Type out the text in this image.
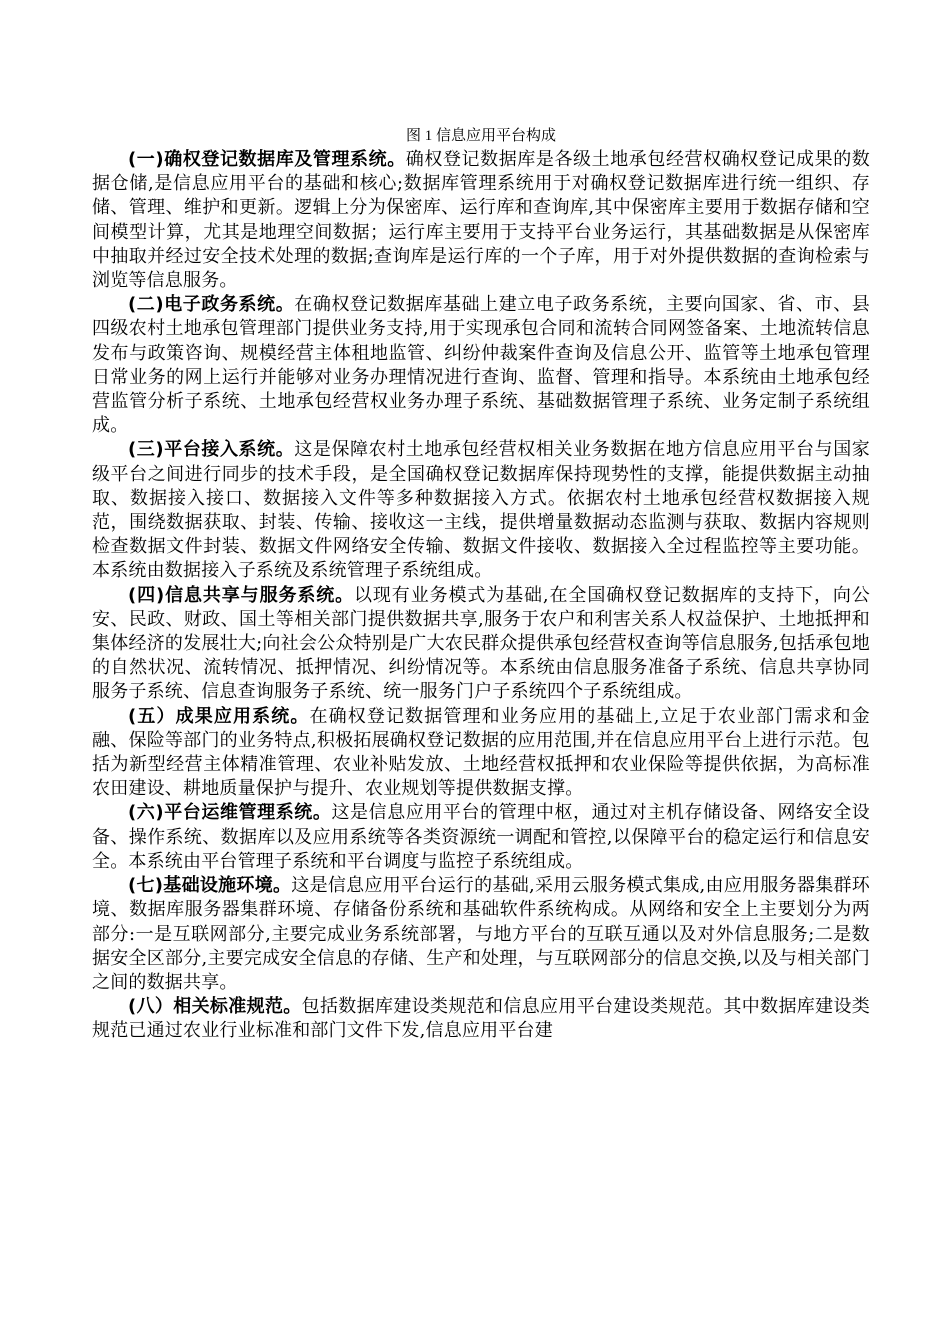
图 1 信息应用平台构成

(一)确权登记数据库及管理系统。确权登记数据库是各级土地承包经营权确权登记成果的数据仓储,是信息应用平台的基础和核心;数据库管理系统用于对确权登记数据库进行统一组织、存储、管理、维护和更新。逻辑上分为保密库、运行库和查询库,其中保密库主要用于数据存储和空间模型计算，尤其是地理空间数据；运行库主要用于支持平台业务运行，其基础数据是从保密库中抽取并经过安全技术处理的数据;查询库是运行库的一个子库，用于对外提供数据的查询检索与浏览等信息服务。

(二)电子政务系统。在确权登记数据库基础上建立电子政务系统，主要向国家、省、市、县四级农村土地承包管理部门提供业务支持,用于实现承包合同和流转合同网签备案、土地流转信息发布与政策咨询、规模经营主体租地监管、纠纷仲裁案件查询及信息公开、监管等土地承包管理日常业务的网上运行并能够对业务办理情况进行查询、监督、管理和指导。本系统由土地承包经营监管分析子系统、土地承包经营权业务办理子系统、基础数据管理子系统、业务定制子系统组成。

(三)平台接入系统。这是保障农村土地承包经营权相关业务数据在地方信息应用平台与国家级平台之间进行同步的技术手段，是全国确权登记数据库保持现势性的支撑，能提供数据主动抽取、数据接入接口、数据接入文件等多种数据接入方式。依据农村土地承包经营权数据接入规范，围绕数据获取、封装、传输、接收这一主线，提供增量数据动态监测与获取、数据内容规则检查数据文件封装、数据文件网络安全传输、数据文件接收、数据接入全过程监控等主要功能。本系统由数据接入子系统及系统管理子系统组成。

(四)信息共享与服务系统。以现有业务模式为基础,在全国确权登记数据库的支持下，向公安、民政、财政、国土等相关部门提供数据共享,服务于农户和利害关系人权益保护、土地抵押和集体经济的发展壮大;向社会公众特别是广大农民群众提供承包经营权查询等信息服务,包括承包地的自然状况、流转情况、抵押情况、纠纷情况等。本系统由信息服务准备子系统、信息共享协同服务子系统、信息查询服务子系统、统一服务门户子系统四个子系统组成。

(五）成果应用系统。在确权登记数据管理和业务应用的基础上,立足于农业部门需求和金融、保险等部门的业务特点,积极拓展确权登记数据的应用范围,并在信息应用平台上进行示范。包括为新型经营主体精准管理、农业补贴发放、土地经营权抵押和农业保险等提供依据，为高标准农田建设、耕地质量保护与提升、农业规划等提供数据支撑。

(六)平台运维管理系统。这是信息应用平台的管理中枢，通过对主机存储设备、网络安全设备、操作系统、数据库以及应用系统等各类资源统一调配和管控,以保障平台的稳定运行和信息安全。本系统由平台管理子系统和平台调度与监控子系统组成。

(七)基础设施环境。这是信息应用平台运行的基础,采用云服务模式集成,由应用服务器集群环境、数据库服务器集群环境、存储备份系统和基础软件系统构成。从网络和安全上主要划分为两部分:一是互联网部分,主要完成业务系统部署，与地方平台的互联互通以及对外信息服务;二是数据安全区部分,主要完成安全信息的存储、生产和处理，与互联网部分的信息交换,以及与相关部门之间的数据共享。

(八）相关标准规范。包括数据库建设类规范和信息应用平台建设类规范。其中数据库建设类规范已通过农业行业标准和部门文件下发,信息应用平台建
